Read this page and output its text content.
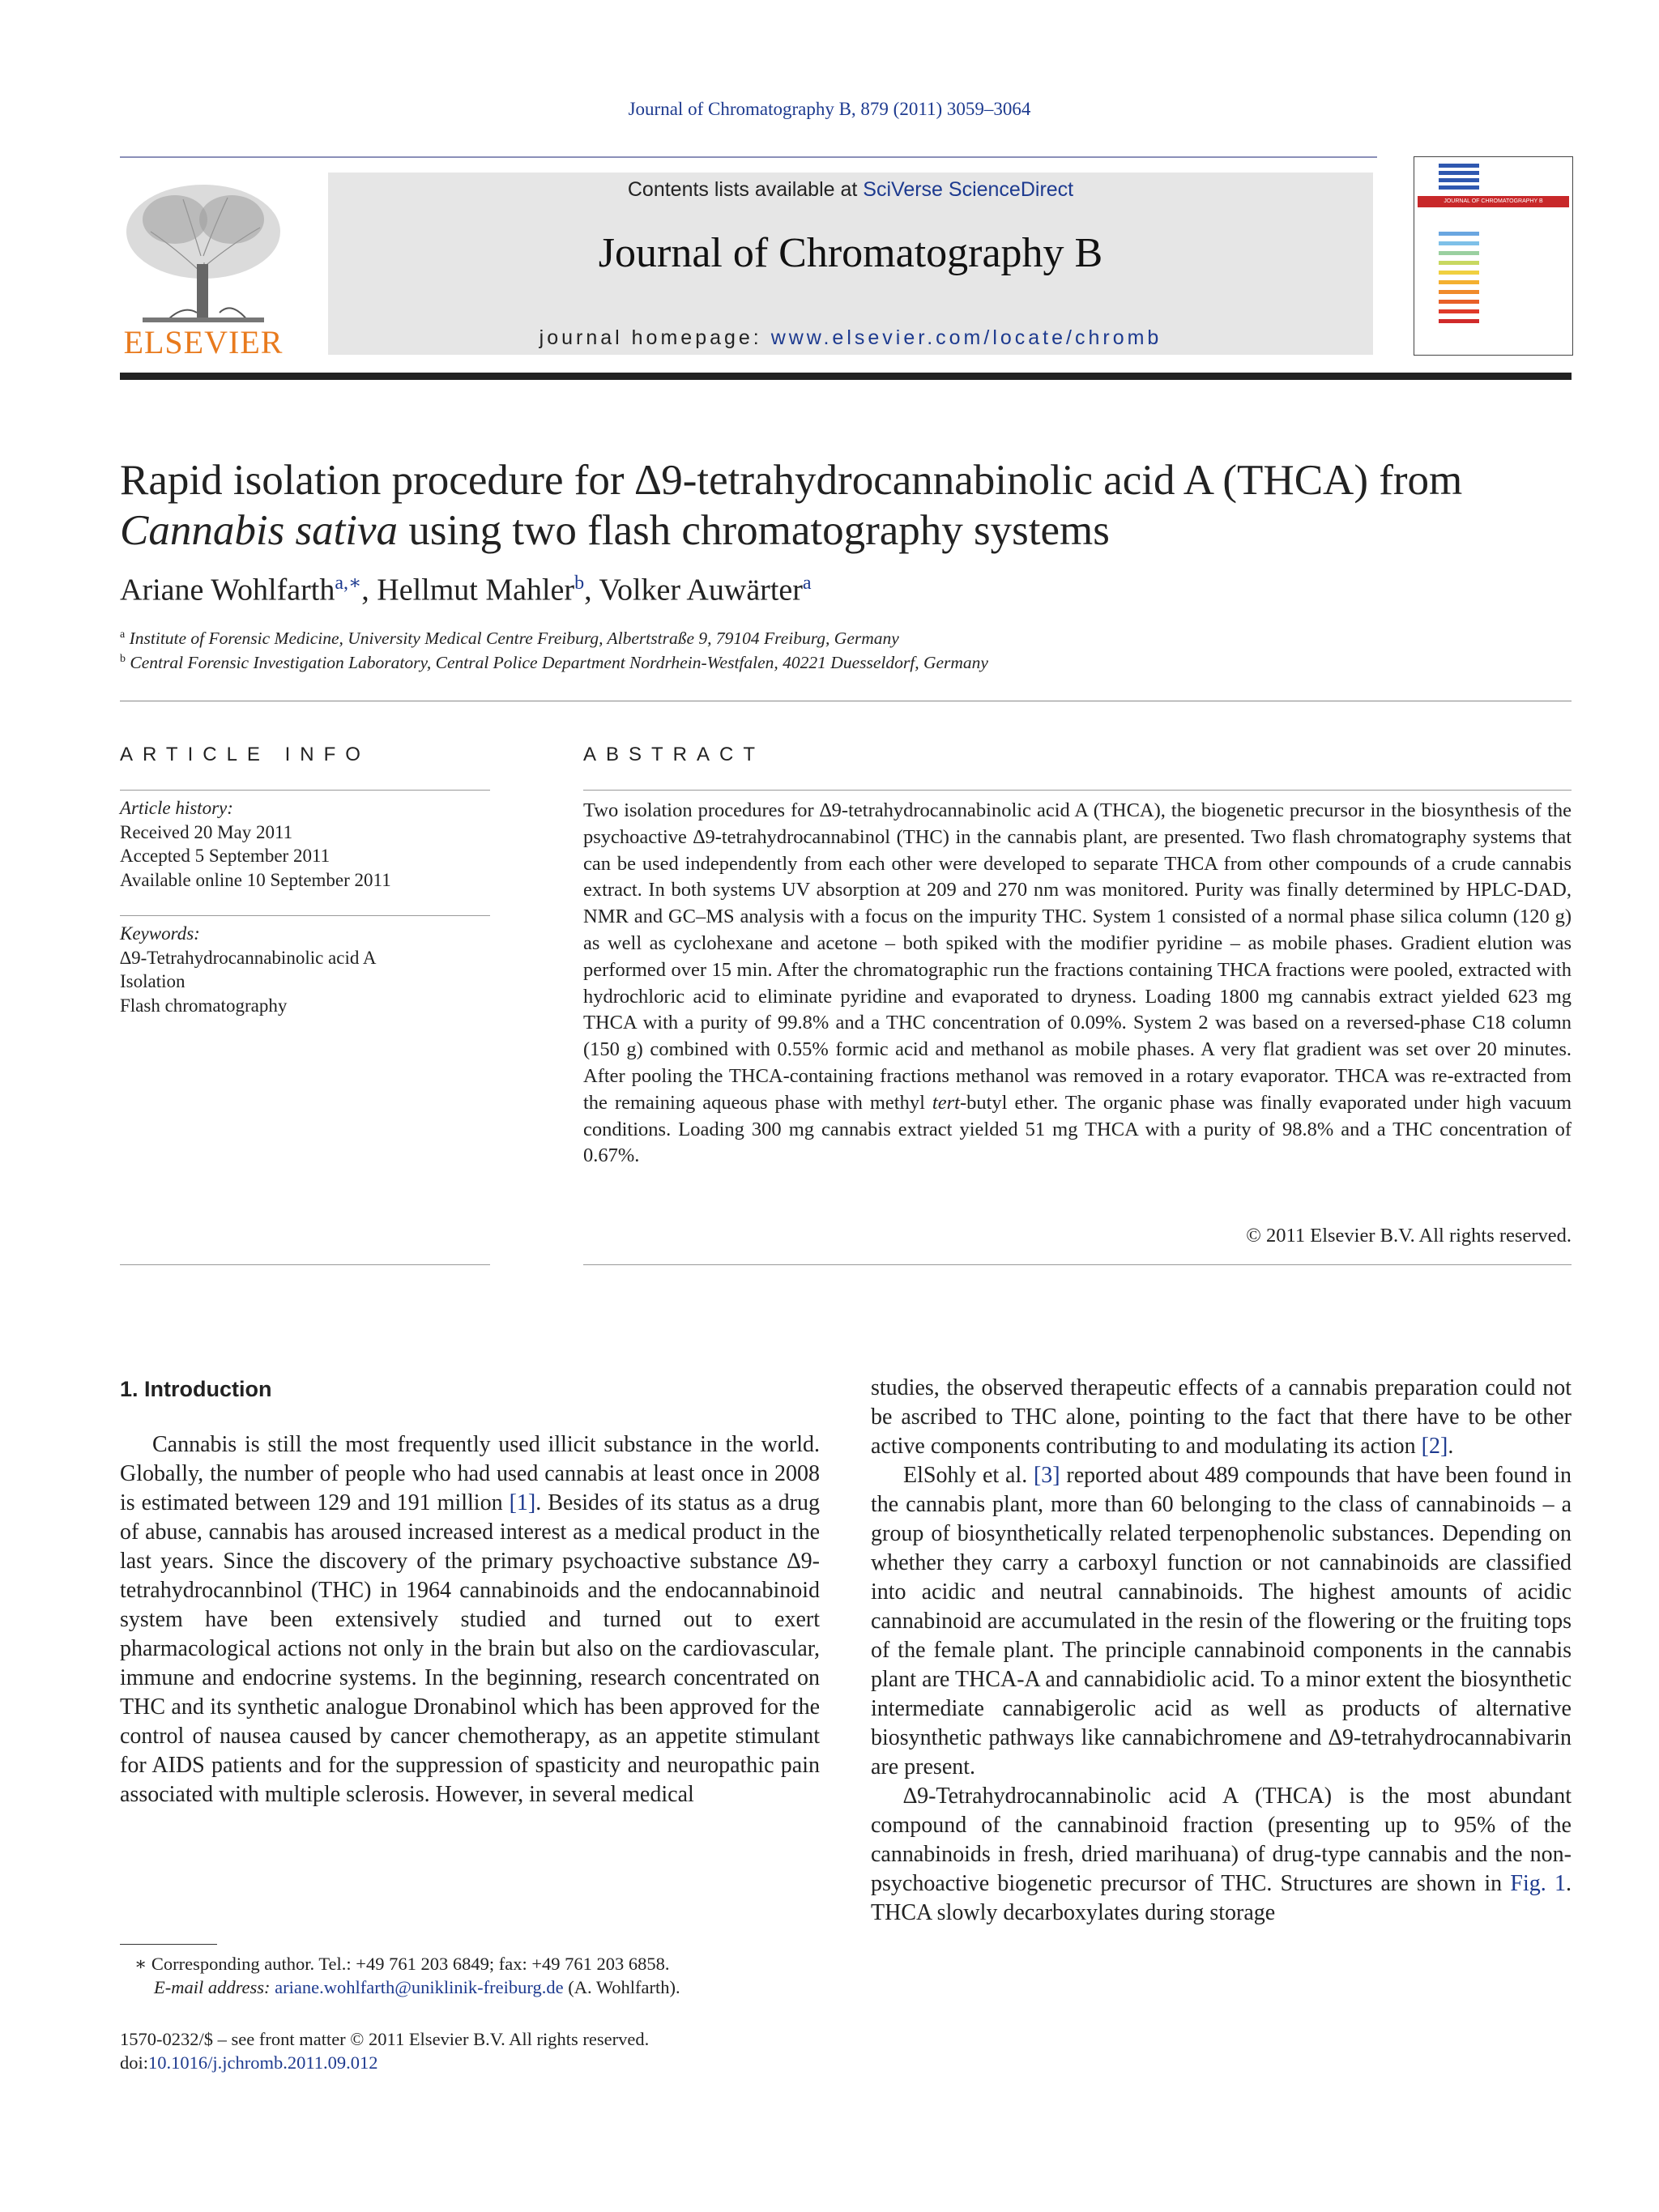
Journal of Chromatography B, 879 (2011) 3059–3064
ELSEVIER
Contents lists available at SciVerse ScienceDirect
Journal of Chromatography B
journal homepage: www.elsevier.com/locate/chromb
JOURNAL OF CHROMATOGRAPHY B
Rapid isolation procedure for ∆9-tetrahydrocannabinolic acid A (THCA) from
Cannabis sativa using two flash chromatography systems
Ariane Wohlfarth$^{a,∗}$, Hellmut Mahler$^b$, Volker Auwärter$^a$
$^a$ Institute of Forensic Medicine, University Medical Centre Freiburg, Albertstraße 9, 79104 Freiburg, Germany
$^b$ Central Forensic Investigation Laboratory, Central Police Department Nordrhein-Westfalen, 40221 Duesseldorf, Germany
ARTICLE INFO
Article history:
Received 20 May 2011
Accepted 5 September 2011
Available online 10 September 2011
Keywords:
∆9-Tetrahydrocannabinolic acid A
Isolation
Flash chromatography
ABSTRACT
Two isolation procedures for ∆9-tetrahydrocannabinolic acid A (THCA), the biogenetic precursor in the biosynthesis of the psychoactive ∆9-tetrahydrocannabinol (THC) in the cannabis plant, are presented. Two flash chromatography systems that can be used independently from each other were developed to separate THCA from other compounds of a crude cannabis extract. In both systems UV absorption at 209 and 270 nm was monitored. Purity was finally determined by HPLC-DAD, NMR and GC–MS analysis with a focus on the impurity THC. System 1 consisted of a normal phase silica column (120 g) as well as cyclohexane and acetone – both spiked with the modifier pyridine – as mobile phases. Gradient elution was performed over 15 min. After the chromatographic run the fractions containing THCA fractions were pooled, extracted with hydrochloric acid to eliminate pyridine and evaporated to dryness. Loading 1800 mg cannabis extract yielded 623 mg THCA with a purity of 99.8% and a THC concentration of 0.09%. System 2 was based on a reversed-phase C18 column (150 g) combined with 0.55% formic acid and methanol as mobile phases. A very flat gradient was set over 20 minutes. After pooling the THCA-containing fractions methanol was removed in a rotary evaporator. THCA was re-extracted from the remaining aqueous phase with methyl tert-butyl ether. The organic phase was finally evaporated under high vacuum conditions. Loading 300 mg cannabis extract yielded 51 mg THCA with a purity of 98.8% and a THC concentration of 0.67%.
© 2011 Elsevier B.V. All rights reserved.
1. Introduction

Cannabis is still the most frequently used illicit substance in the world. Globally, the number of people who had used cannabis at least once in 2008 is estimated between 129 and 191 million [1]. Besides of its status as a drug of abuse, cannabis has aroused increased interest as a medical product in the last years. Since the discovery of the primary psychoactive substance ∆9-tetrahydrocannbinol (THC) in 1964 cannabinoids and the endocannabinoid system have been extensively studied and turned out to exert pharmacological actions not only in the brain but also on the cardiovascular, immune and endocrine systems. In the beginning, research concentrated on THC and its synthetic analogue Dronabinol which has been approved for the control of nausea caused by cancer chemotherapy, as an appetite stimulant for AIDS patients and for the suppression of spasticity and neuropathic pain associated with multiple sclerosis. However, in several medical

studies, the observed therapeutic effects of a cannabis preparation could not be ascribed to THC alone, pointing to the fact that there have to be other active components contributing to and modulating its action [2].

ElSohly et al. [3] reported about 489 compounds that have been found in the cannabis plant, more than 60 belonging to the class of cannabinoids – a group of biosynthetically related terpenophenolic substances. Depending on whether they carry a carboxyl function or not cannabinoids are classified into acidic and neutral cannabinoids. The highest amounts of acidic cannabinoid are accumulated in the resin of the flowering or the fruiting tops of the female plant. The principle cannabinoid components in the cannabis plant are THCA-A and cannabidiolic acid. To a minor extent the biosynthetic intermediate cannabigerolic acid as well as products of alternative biosynthetic pathways like cannabichromene and ∆9-tetrahydrocannabivarin are present.

∆9-Tetrahydrocannabinolic acid A (THCA) is the most abundant compound of the cannabinoid fraction (presenting up to 95% of the cannabinoids in fresh, dried marihuana) of drug-type cannabis and the non-psychoactive biogenetic precursor of THC. Structures are shown in Fig. 1. THCA slowly decarboxylates during storage

∗ Corresponding author. Tel.: +49 761 203 6849; fax: +49 761 203 6858.
E-mail address: ariane.wohlfarth@uniklinik-freiburg.de (A. Wohlfarth).
1570-0232/$ – see front matter © 2011 Elsevier B.V. All rights reserved.
doi:10.1016/j.jchromb.2011.09.012
